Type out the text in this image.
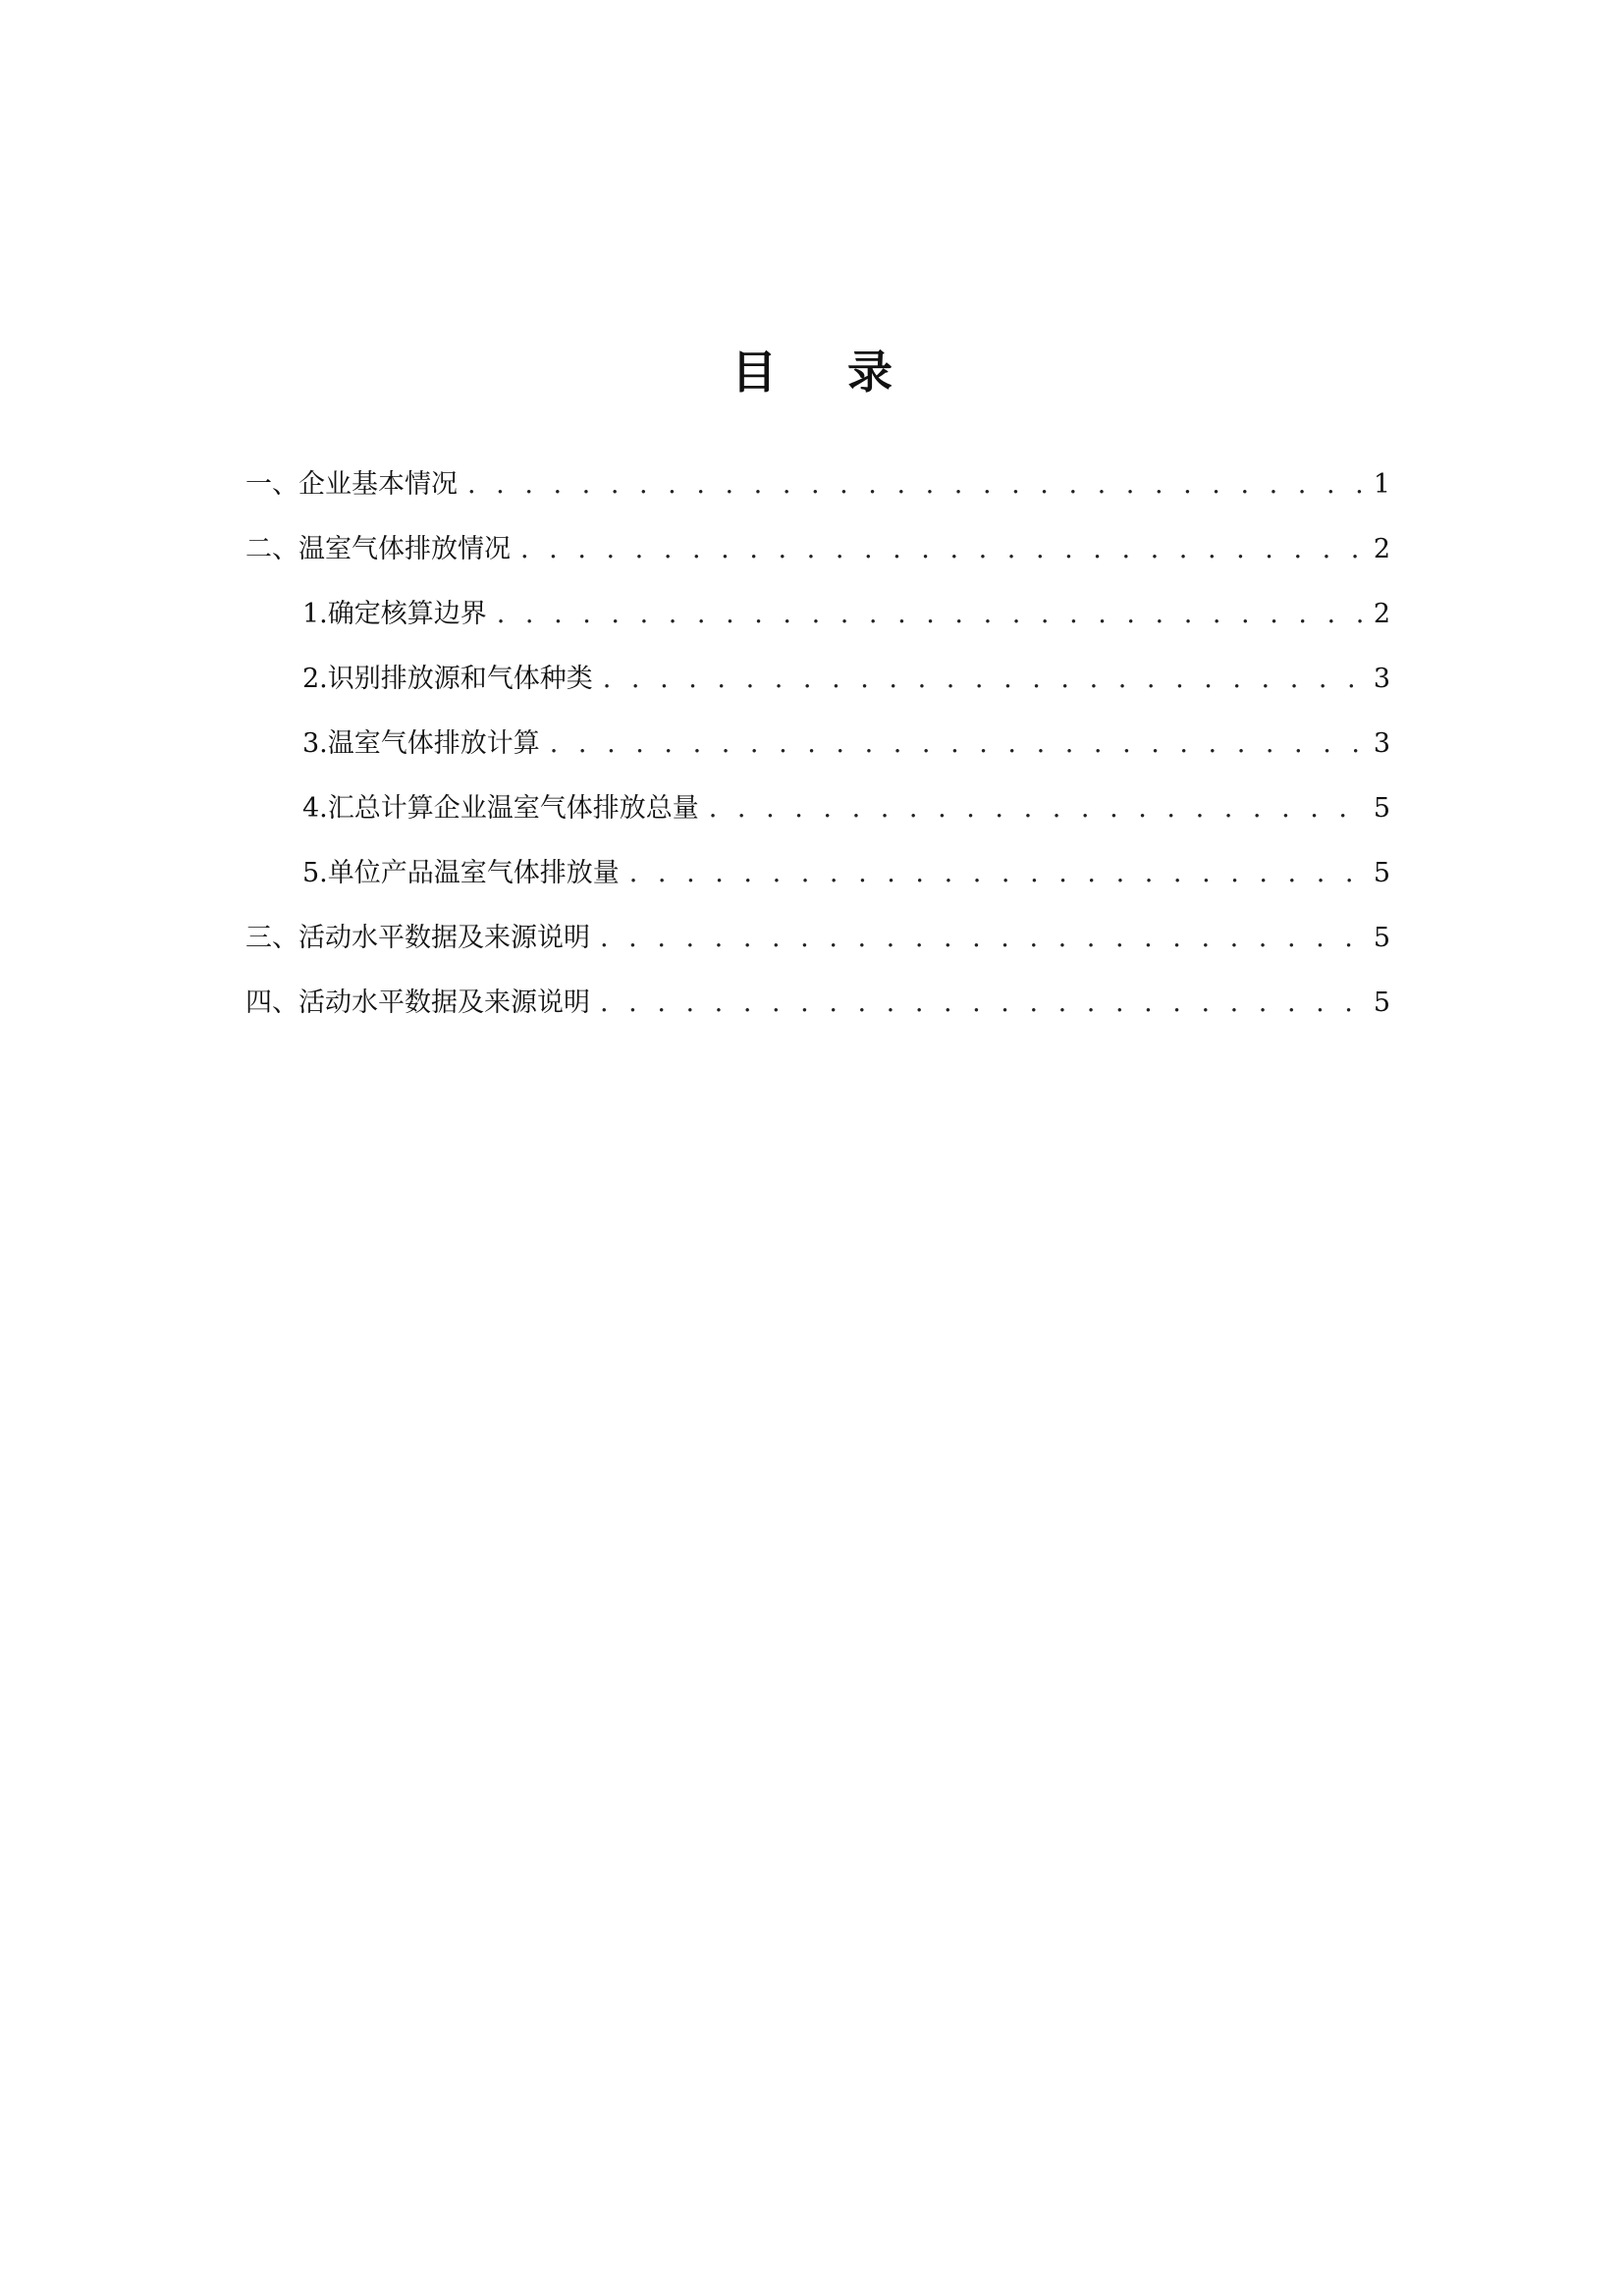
目 录
一、企业基本情况 . . .	1
二、温室气体排放情况 . . .	2
1.确定核算边界 . . .	2
2.识别排放源和气体种类 . . .	3
3.温室气体排放计算 . . .	3
4.汇总计算企业温室气体排放总量 . . .	5
5.单位产品温室气体排放量 . . .	5
三、活动水平数据及来源说明 . . .	5
四、活动水平数据及来源说明 . . .	5
